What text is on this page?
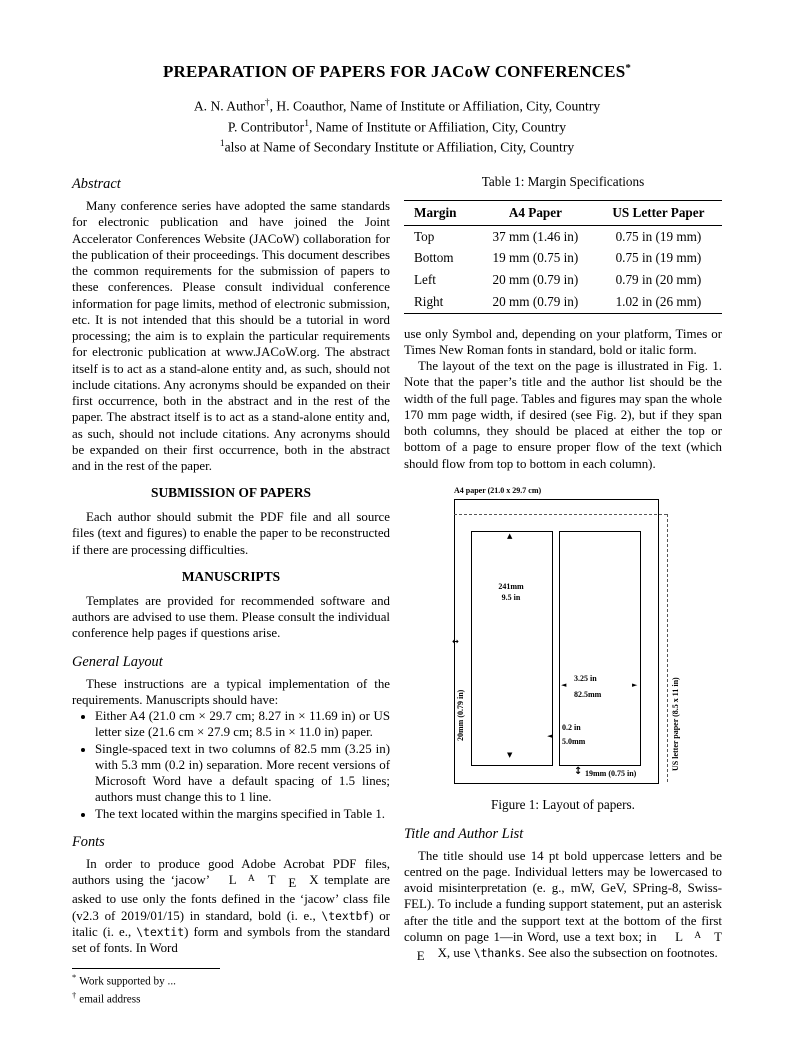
PREPARATION OF PAPERS FOR JACoW CONFERENCES*
A. N. Author†, H. Coauthor, Name of Institute or Affiliation, City, Country
P. Contributor$^1$, Name of Institute or Affiliation, City, Country
$^1$also at Name of Secondary Institute or Affiliation, City, Country
Abstract

Many conference series have adopted the same standards for electronic publication and have joined the Joint Accelerator Conferences Website (JACoW) collaboration for the publication of their proceedings. This document describes the common requirements for the submission of papers to these conferences. Please consult individual conference information for page limits, method of electronic submission, etc. It is not intended that this should be a tutorial in word processing; the aim is to explain the particular requirements for electronic publication at www.JACoW.org. The abstract itself is to act as a stand-alone entity and, as such, should not include citations. Any acronyms should be expanded on their first occurrence, both in the abstract and in the rest of the paper. The abstract itself is to act as a stand-alone entity and, as such, should not include citations. Any acronyms should be expanded on their first occurrence, both in the abstract and in the rest of the paper.

SUBMISSION OF PAPERS

Each author should submit the PDF file and all source files (text and figures) to enable the paper to be reconstructed if there are processing difficulties.

MANUSCRIPTS

Templates are provided for recommended software and authors are advised to use them. Please consult the individual conference help pages if questions arise.

General Layout

These instructions are a typical implementation of the requirements. Manuscripts should have:

• Either A4 (21.0 cm × 29.7 cm; 8.27 in × 11.69 in) or US letter size (21.6 cm × 27.9 cm; 8.5 in × 11.0 in) paper.
• Single-spaced text in two columns of 82.5 mm (3.25 in) with 5.3 mm (0.2 in) separation. More recent versions of Microsoft Word have a default spacing of 1.5 lines; authors must change this to 1 line.
• The text located within the margins specified in Table 1.
Fonts

In order to produce good Adobe Acrobat PDF files, authors using the ‘jacow’ L A T E X template are asked to use only the fonts defined in the ‘jacow’ class file (v2.3 of 2019/01/15) in standard, bold (i. e., \textbf) or italic (i. e., \textit) form and symbols from the standard set of fonts. In Word

* Work supported by ...
† email address
Table 1: Margin Specifications
Margin	A4 Paper	US Letter Paper
Top	37 mm (1.46 in)	0.75 in (19 mm)
Bottom	19 mm (0.75 in)	0.75 in (19 mm)
Left	20 mm (0.79 in)	0.79 in (20 mm)
Right	20 mm (0.79 in)	1.02 in (26 mm)

use only Symbol and, depending on your platform, Times or Times New Roman fonts in standard, bold or italic form.

The layout of the text on the page is illustrated in Fig. 1. Note that the paper’s title and the author list should be the width of the full page. Tables and figures may span the whole 170 mm page width, if desired (see Fig. 2), but if they span both columns, they should be placed at either the top or bottom of a page to ensure proper flow of the text (which should flow from top to bottom in each column).

A4 paper (21.0 x 29.7 cm)
▲
▼
241mm
9.5 in
↔
20mm (0.79 in)	US letter paper (8.5 x 11 in)
◄	►
3.25 in
82.5mm
◄
0.2 in
5.0mm
↕ 19mm (0.75 in)
Figure 1: Layout of papers.
Title and Author List

The title should use 14 pt bold uppercase letters and be centred on the page. Individual letters may be lowercased to avoid misinterpretation (e. g., mW, GeV, SPring-8, Swiss-FEL). To include a funding support statement, put an asterisk after the title and the support text at the bottom of the first column on page 1—in Word, use a text box; in L A TE X, use \thanks. See also the subsection on footnotes.
